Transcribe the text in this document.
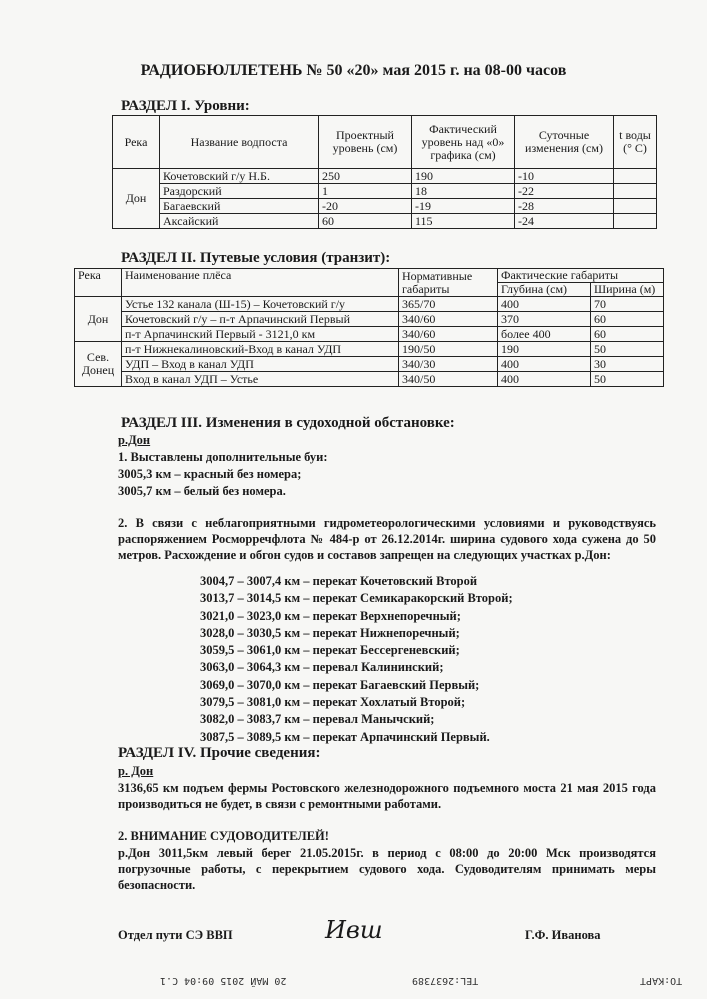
РАДИОБЮЛЛЕТЕНЬ № 50 «20» мая 2015 г. на 08-00 часов
РАЗДЕЛ I. Уровни:
Река	Название водпоста	Проектный уровень (см)	Фактический уровень над «0» графика (см)	Суточные изменения (см)	t воды (° С)
Дон	Кочетовский г/у Н.Б.	250	190	-10	
	Раздорский	1	18	-22	
	Багаевский	-20	-19	-28	
	Аксайский	60	115	-24	
РАЗДЕЛ II. Путевые условия (транзит):
Река	Наименование плёса	Нормативные габариты	Фактические габариты	
			Глубина (см)	Ширина (м)
Дон	Устье 132 канала (Ш-15) – Кочетовский г/у	365/70	400	70
	Кочетовский г/у – п-т Арпачинский Первый	340/60	370	60
	п-т Арпачинский Первый - 3121,0 км	340/60	более 400	60
Сев. Донец	п-т Нижнекалиновский-Вход в канал УДП	190/50	190	50
	УДП – Вход в канал УДП	340/30	400	30
	Вход в канал УДП – Устье	340/50	400	50
РАЗДЕЛ III. Изменения в судоходной обстановке:
р.Дон
1. Выставлены дополнительные буи:
3005,3 км – красный без номера;
3005,7 км – белый без номера.
2. В связи с неблагоприятными гидрометеорологическими условиями и руководствуясь распоряжением Росморречфлота № 484-р от 26.12.2014г. ширина судового хода сужена до 50 метров. Расхождение и обгон судов и составов запрещен на следующих участках р.Дон:
3004,7 – 3007,4 км – перекат Кочетовский Второй
3013,7 – 3014,5 км – перекат Семикаракорский Второй;
3021,0 – 3023,0 км – перекат Верхнепоречный;
3028,0 – 3030,5 км – перекат Нижнепоречный;
3059,5 – 3061,0 км – перекат Бессергеневский;
3063,0 – 3064,3 км – перевал Калининский;
3069,0 – 3070,0 км – перекат Багаевский Первый;
3079,5 – 3081,0 км – перекат Хохлатый Второй;
3082,0 – 3083,7 км – перевал Манычский;
3087,5 – 3089,5 км – перекат Арпачинский Первый.
РАЗДЕЛ IV. Прочие сведения:
р. Дон
3136,65 км подъем фермы Ростовского железнодорожного подъемного моста 21 мая 2015 года производиться не будет, в связи с ремонтными работами.
2. ВНИМАНИЕ СУДОВОДИТЕЛЕЙ!
р.Дон 3011,5км левый берег 21.05.2015г. в период с 08:00 до 20:00 Мск производятся погрузочные работы, с перекрытием судового хода. Судоводителям принимать меры безопасности.
Отдел пути СЭ ВВП	Ивш	Г.Ф. Иванова
TO:KAPT
TEL:2637389
20 MAЙ 2015 09:04 C.1
